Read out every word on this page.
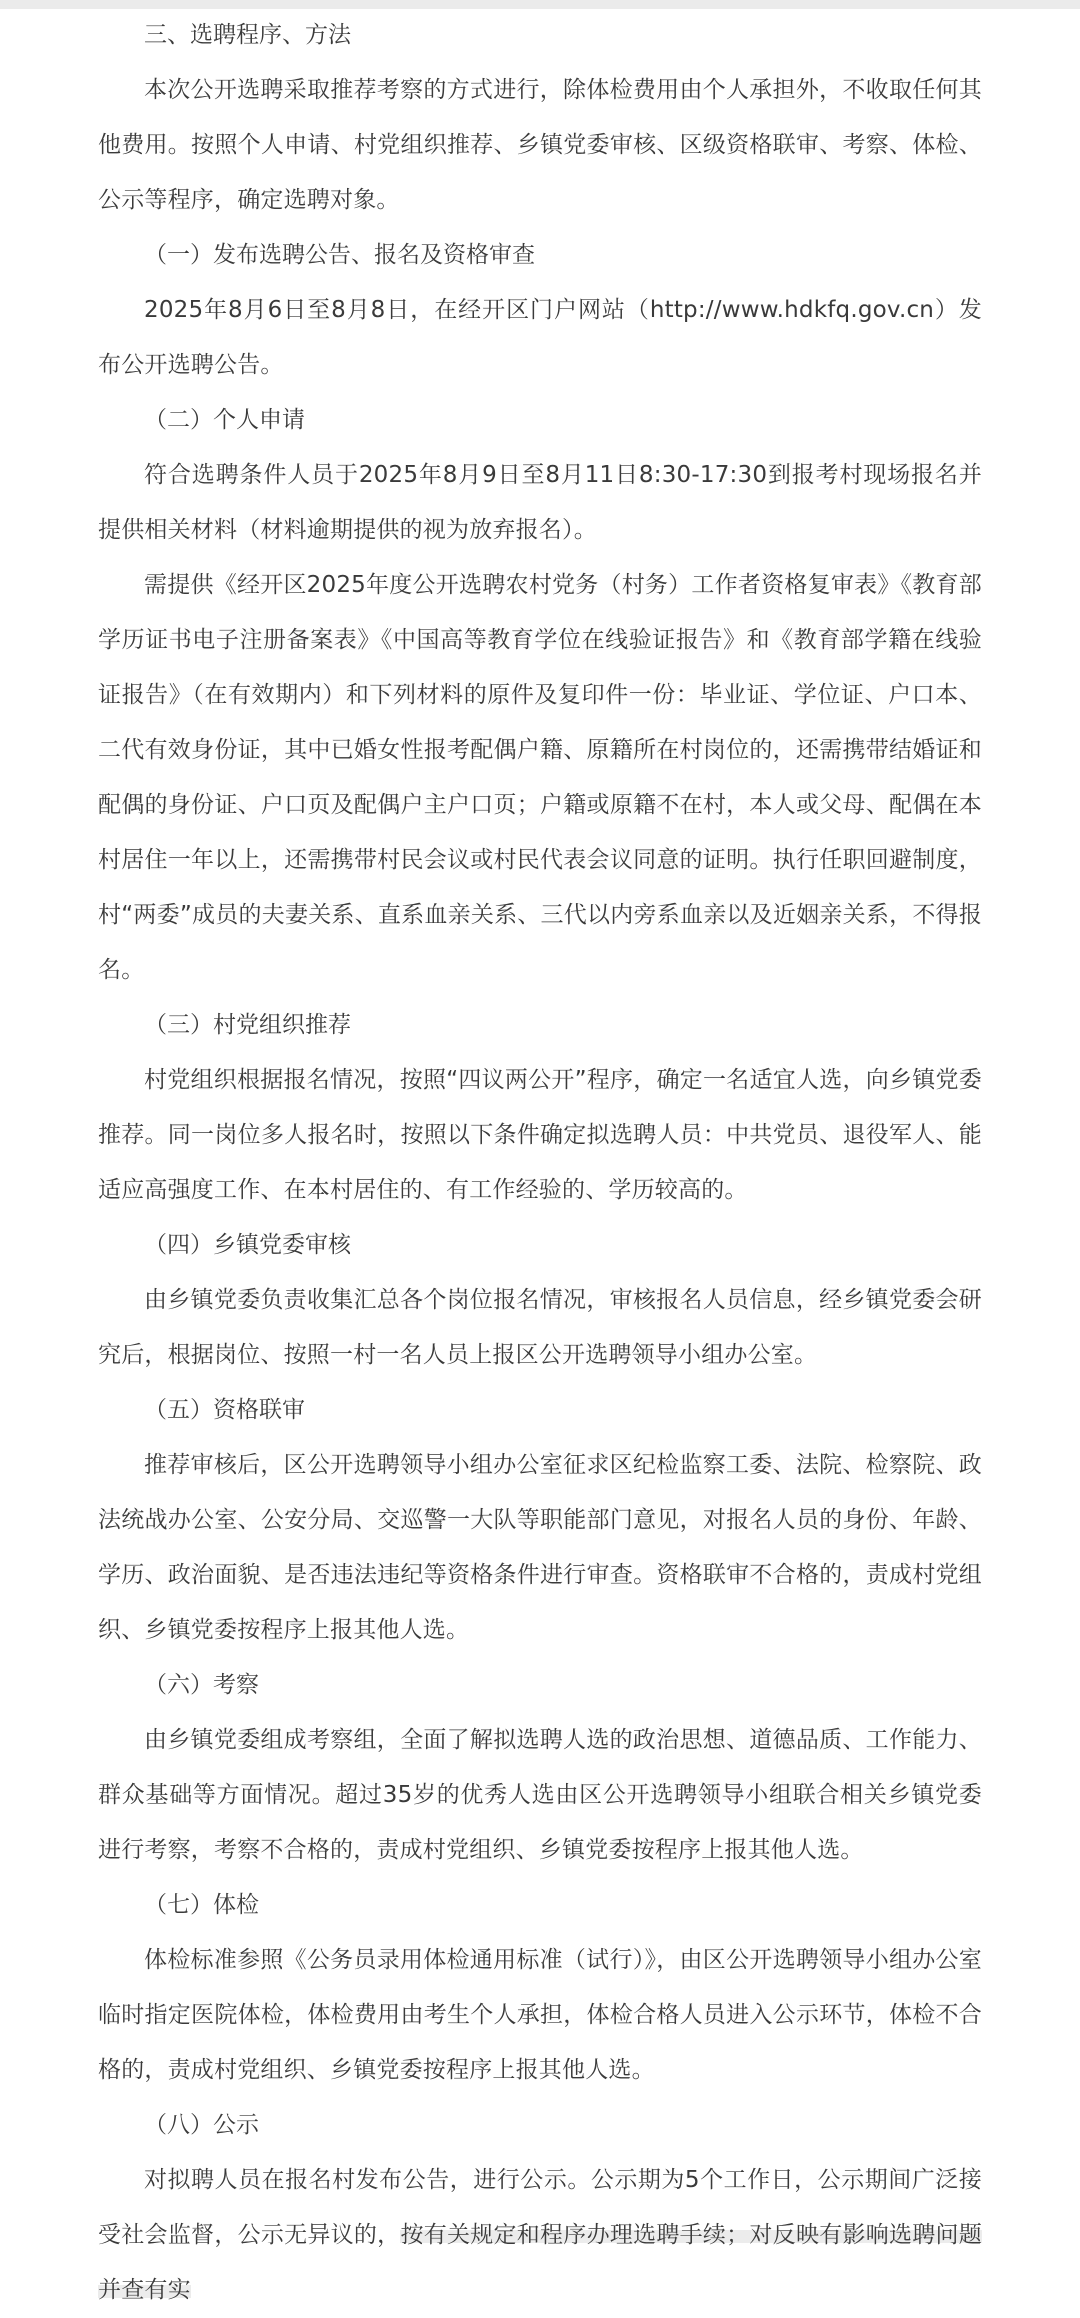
三、选聘程序、方法

本次公开选聘采取推荐考察的方式进行，除体检费用由个人承担外，不收取任何其他费用。按照个人申请、村党组织推荐、乡镇党委审核、区级资格联审、考察、体检、公示等程序，确定选聘对象。

（一）发布选聘公告、报名及资格审查

2025年8月6日至8月8日，在经开区门户网站（http://www.hdkfq.gov.cn）发布公开选聘公告。

（二）个人申请

符合选聘条件人员于2025年8月9日至8月11日8:30-17:30到报考村现场报名并提供相关材料（材料逾期提供的视为放弃报名）。

需提供《经开区2025年度公开选聘农村党务（村务）工作者资格复审表》《教育部学历证书电子注册备案表》《中国高等教育学位在线验证报告》和《教育部学籍在线验证报告》（在有效期内）和下列材料的原件及复印件一份：毕业证、学位证、户口本、二代有效身份证，其中已婚女性报考配偶户籍、原籍所在村岗位的，还需携带结婚证和配偶的身份证、户口页及配偶户主户口页；户籍或原籍不在村，本人或父母、配偶在本村居住一年以上，还需携带村民会议或村民代表会议同意的证明。执行任职回避制度，村“两委”成员的夫妻关系、直系血亲关系、三代以内旁系血亲以及近姻亲关系，不得报名。

（三）村党组织推荐

村党组织根据报名情况，按照“四议两公开”程序，确定一名适宜人选，向乡镇党委推荐。同一岗位多人报名时，按照以下条件确定拟选聘人员：中共党员、退役军人、能适应高强度工作、在本村居住的、有工作经验的、学历较高的。

（四）乡镇党委审核

由乡镇党委负责收集汇总各个岗位报名情况，审核报名人员信息，经乡镇党委会研究后，根据岗位、按照一村一名人员上报区公开选聘领导小组办公室。

（五）资格联审

推荐审核后，区公开选聘领导小组办公室征求区纪检监察工委、法院、检察院、政法统战办公室、公安分局、交巡警一大队等职能部门意见，对报名人员的身份、年龄、学历、政治面貌、是否违法违纪等资格条件进行审查。资格联审不合格的，责成村党组织、乡镇党委按程序上报其他人选。

（六）考察

由乡镇党委组成考察组，全面了解拟选聘人选的政治思想、道德品质、工作能力、群众基础等方面情况。超过35岁的优秀人选由区公开选聘领导小组联合相关乡镇党委进行考察，考察不合格的，责成村党组织、乡镇党委按程序上报其他人选。

（七）体检

体检标准参照《公务员录用体检通用标准（试行）》，由区公开选聘领导小组办公室临时指定医院体检，体检费用由考生个人承担，体检合格人员进入公示环节，体检不合格的，责成村党组织、乡镇党委按程序上报其他人选。

（八）公示

对拟聘人员在报名村发布公告，进行公示。公示期为5个工作日，公示期间广泛接受社会监督，公示无异议的，按有关规定和程序办理选聘手续；对反映有影响选聘问题并查有实
